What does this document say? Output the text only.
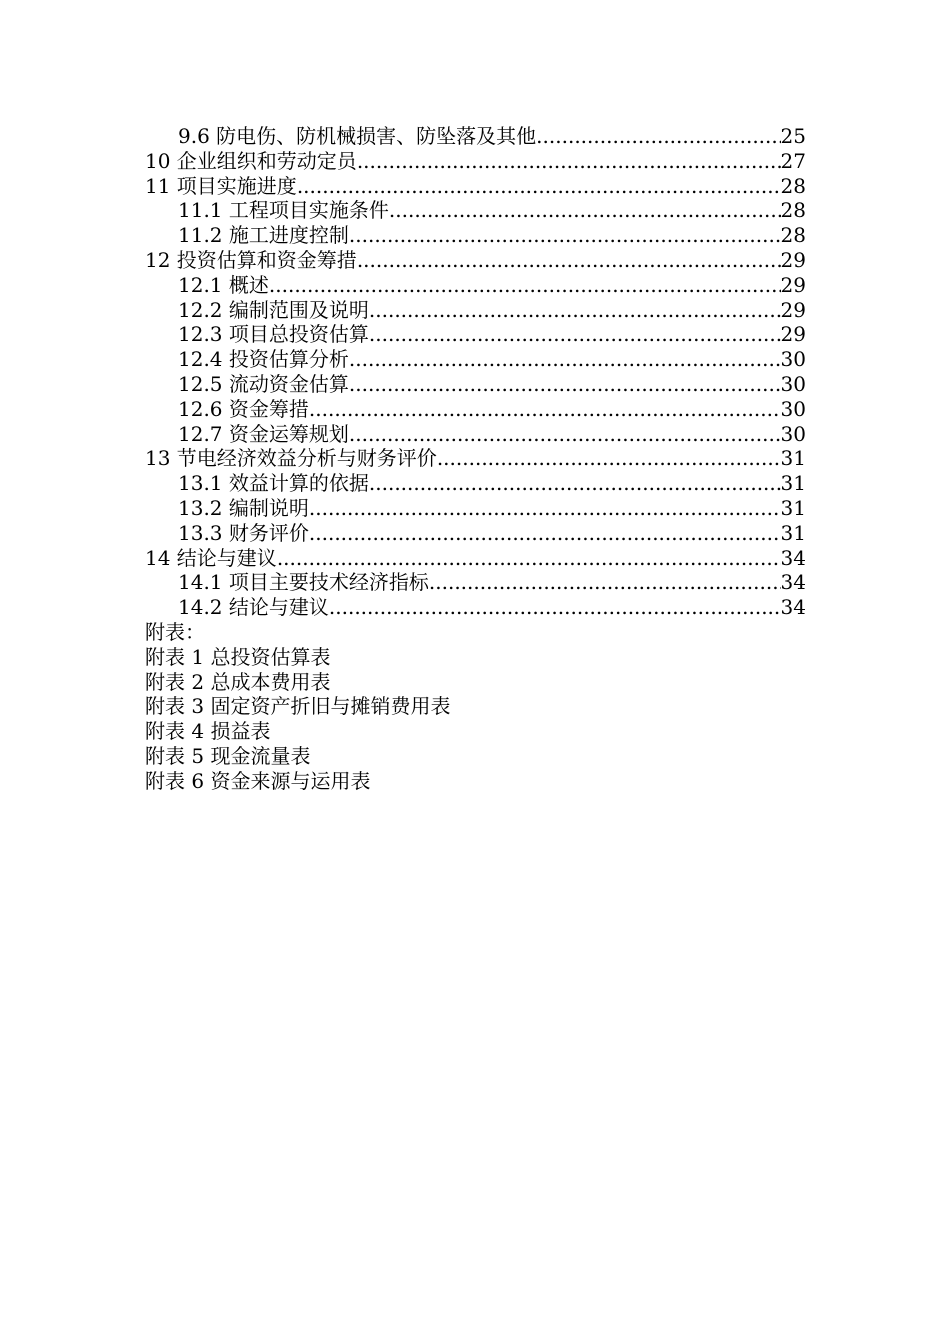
9.6 防电伤、防机械损害、防坠落及其他 .....	25
10 企业组织和劳动定员 .....	27
11 项目实施进度 .....	28
11.1 工程项目实施条件 .....	28
11.2 施工进度控制 .....	28
12 投资估算和资金筹措 .....	29
12.1 概述 .....	29
12.2 编制范围及说明 .....	29
12.3 项目总投资估算 .....	29
12.4 投资估算分析 .....	30
12.5 流动资金估算 .....	30
12.6 资金筹措 .....	30
12.7 资金运筹规划 .....	30
13 节电经济效益分析与财务评价 .....	31
13.1 效益计算的依据 .....	31
13.2 编制说明 .....	31
13.3 财务评价 .....	31
14 结论与建议 .....	34
14.1 项目主要技术经济指标 .....	34
14.2 结论与建议 .....	34
附表：
附表 1 总投资估算表
附表 2 总成本费用表
附表 3 固定资产折旧与摊销费用表
附表 4 损益表
附表 5 现金流量表
附表 6 资金来源与运用表
